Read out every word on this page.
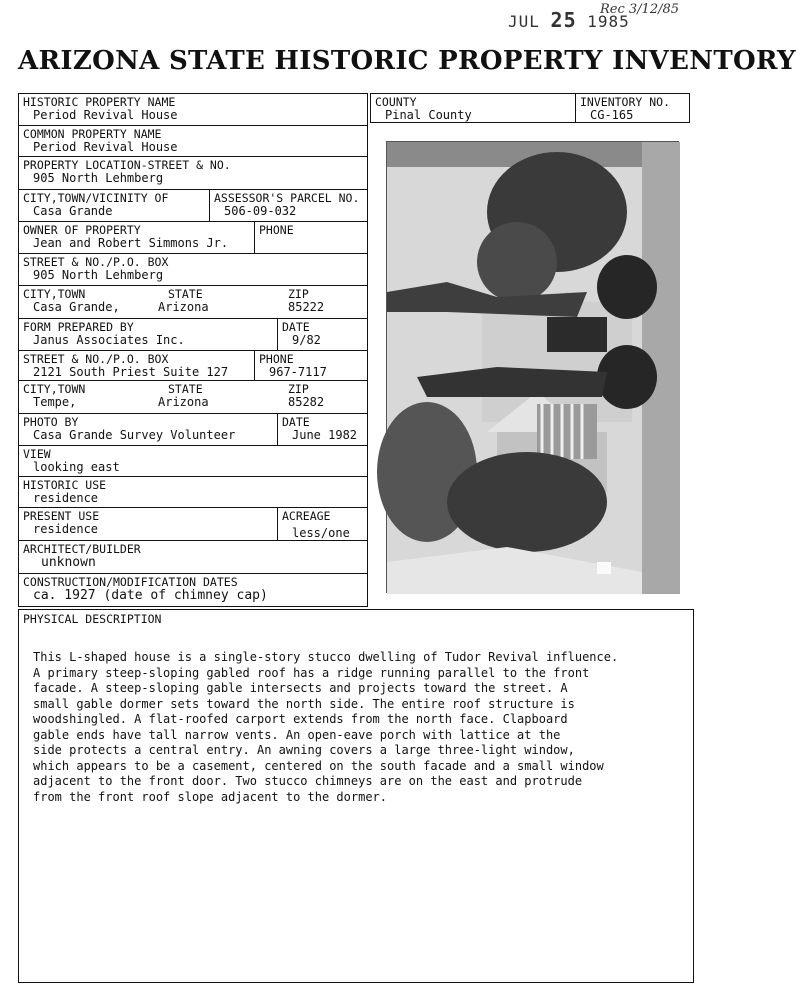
JUL 25 1985
Rec 3/12/85
ARIZONA STATE HISTORIC PROPERTY INVENTORY
HISTORIC PROPERTY NAME
Period Revival House
COUNTY
Pinal County
INVENTORY NO.
CG-165
COMMON PROPERTY NAME
Period Revival House
PROPERTY LOCATION-STREET & NO.
905 North Lehmberg
CITY,TOWN/VICINITY OF
Casa Grande
ASSESSOR'S PARCEL NO.
506-09-032
OWNER OF PROPERTY
Jean and Robert Simmons Jr.
PHONE
STREET & NO./P.O. BOX
905 North Lehmberg
CITY,TOWN	STATE	ZIP
Casa Grande,	Arizona	85222
FORM PREPARED BY
Janus Associates Inc.
DATE
9/82
STREET & NO./P.O. BOX
2121 South Priest Suite 127
PHONE
967-7117
CITY,TOWN	STATE	ZIP
Tempe,	Arizona	85282
PHOTO BY
Casa Grande Survey Volunteer
DATE
June 1982
VIEW
looking east
HISTORIC USE
residence
PRESENT USE
residence
ACREAGE
less/one
ARCHITECT/BUILDER
unknown
CONSTRUCTION/MODIFICATION DATES
ca. 1927 (date of chimney cap)
PHYSICAL DESCRIPTION
This L-shaped house is a single-story stucco dwelling of Tudor Revival influence.
A primary steep-sloping gabled roof has a ridge running parallel to the front
facade. A steep-sloping gable intersects and projects toward the street. A
small gable dormer sets toward the north side. The entire roof structure is
woodshingled. A flat-roofed carport extends from the north face. Clapboard
gable ends have tall narrow vents. An open-eave porch with lattice at the
side protects a central entry. An awning covers a large three-light window,
which appears to be a casement, centered on the south facade and a small window
adjacent to the front door. Two stucco chimneys are on the east and protrude
from the front roof slope adjacent to the dormer.
